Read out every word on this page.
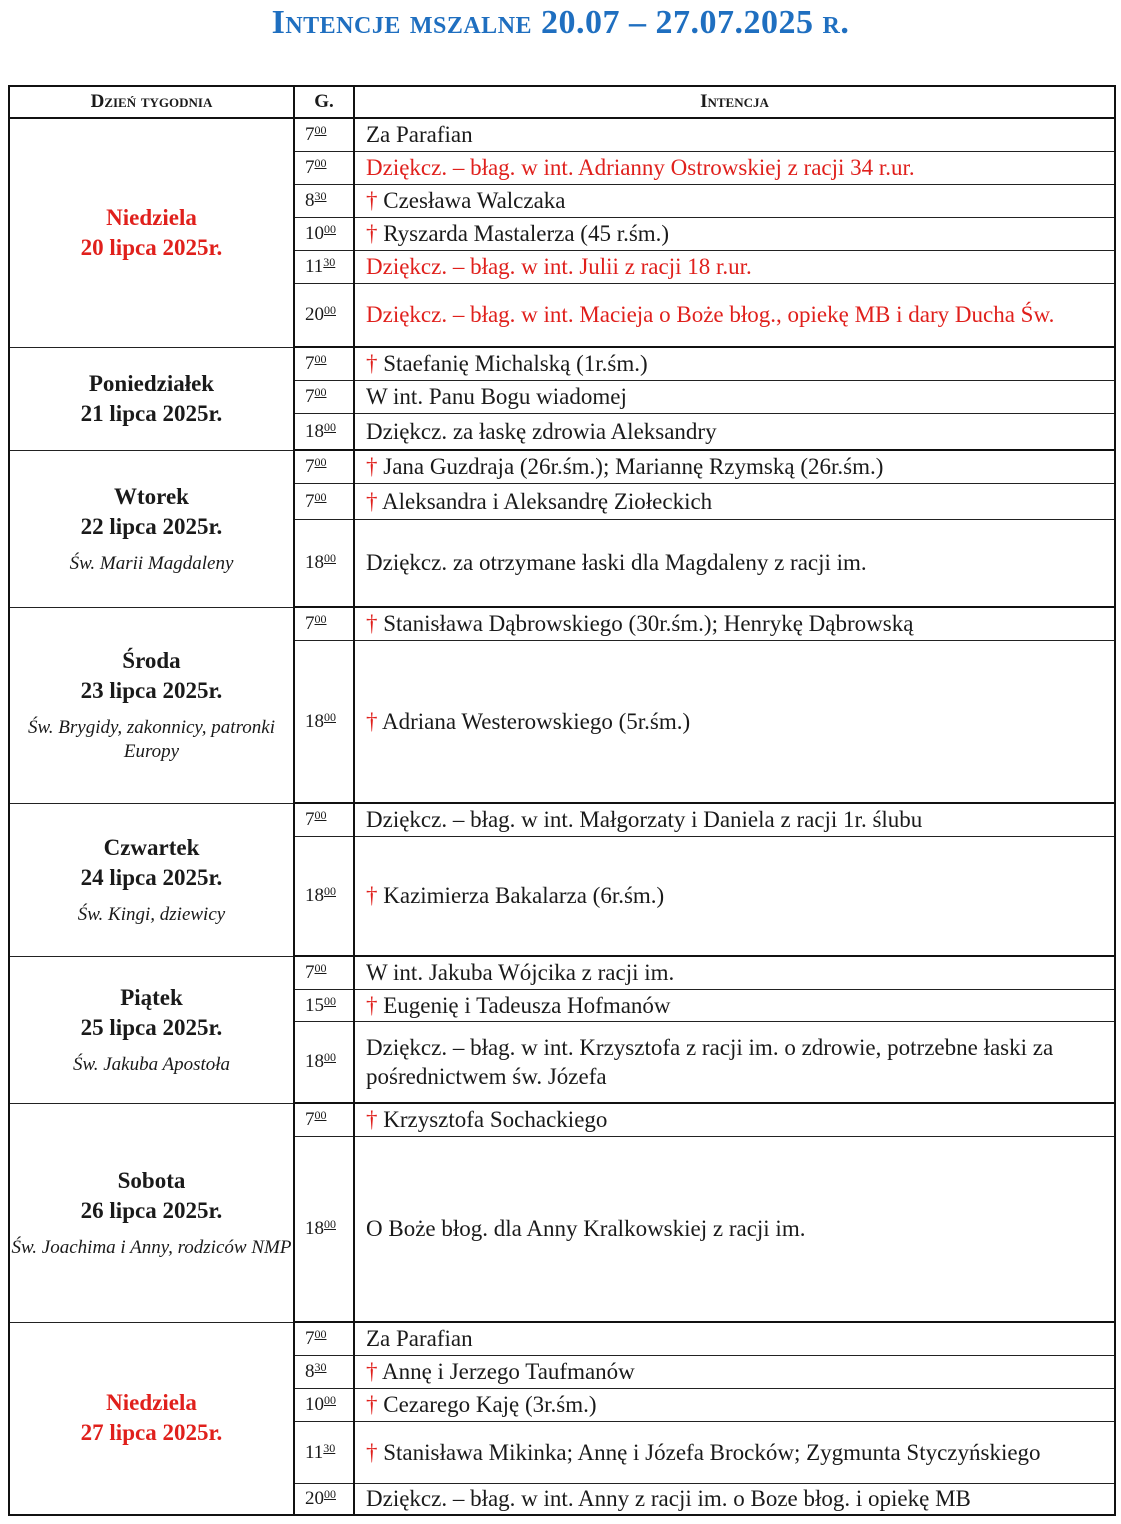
Intencje mszalne 20.07 – 27.07.2025 r.
Dzień tygodnia	G.	Intencja

Niedziela
20 lipca 2025r.	$7^{00}$	Za Parafian
	$7^{00}$	Dziękcz. – błag. w int. Adrianny Ostrowskiej z racji 34 r.ur.
	$8^{30}$	† Czesława Walczaka
	$10^{00}$	† Ryszarda Mastalerza (45 r.śm.)
	$11^{30}$	Dziękcz. – błag. w int. Julii z racji 18 r.ur.
	$20^{00}$	Dziękcz. – błag. w int. Macieja o Boże błog., opiekę MB i dary Ducha Św.

Poniedziałek
21 lipca 2025r.	$7^{00}$	† Staefanię Michalską (1r.śm.)
	$7^{00}$	W int. Panu Bogu wiadomej
	$18^{00}$	Dziękcz. za łaskę zdrowia Aleksandry

Wtorek
22 lipca 2025r.
Św. Marii Magdaleny	$7^{00}$	† Jana Guzdraja (26r.śm.); Mariannę Rzymską (26r.śm.)
	$7^{00}$	† Aleksandra i Aleksandrę Ziołeckich
	$18^{00}$	Dziękcz. za otrzymane łaski dla Magdaleny z racji im.

Środa
23 lipca 2025r.
Św. Brygidy, zakonnicy, patronki Europy	$7^{00}$	† Stanisława Dąbrowskiego (30r.śm.); Henrykę Dąbrowską
	$18^{00}$	† Adriana Westerowskiego (5r.śm.)

Czwartek
24 lipca 2025r.
Św. Kingi, dziewicy	$7^{00}$	Dziękcz. – błag. w int. Małgorzaty i Daniela z racji 1r. ślubu
	$18^{00}$	† Kazimierza Bakalarza (6r.śm.)

Piątek
25 lipca 2025r.
Św. Jakuba Apostoła	$7^{00}$	W int. Jakuba Wójcika z racji im.
	$15^{00}$	† Eugenię i Tadeusza Hofmanów
	$18^{00}$	Dziękcz. – błag. w int. Krzysztofa z racji im. o zdrowie, potrzebne łaski za pośrednictwem św. Józefa

Sobota
26 lipca 2025r.
Św. Joachima i Anny, rodziców NMP	$7^{00}$	† Krzysztofa Sochackiego
	$18^{00}$	O Boże błog. dla Anny Kralkowskiej z racji im.

Niedziela
27 lipca 2025r.	$7^{00}$	Za Parafian
	$8^{30}$	† Annę i Jerzego Taufmanów
	$10^{00}$	† Cezarego Kaję (3r.śm.)
	$11^{30}$	† Stanisława Mikinka; Annę i Józefa Brocków; Zygmunta Styczyńskiego
	$20^{00}$	Dziękcz. – błag. w int. Anny z racji im. o Boze błog. i opiekę MB
